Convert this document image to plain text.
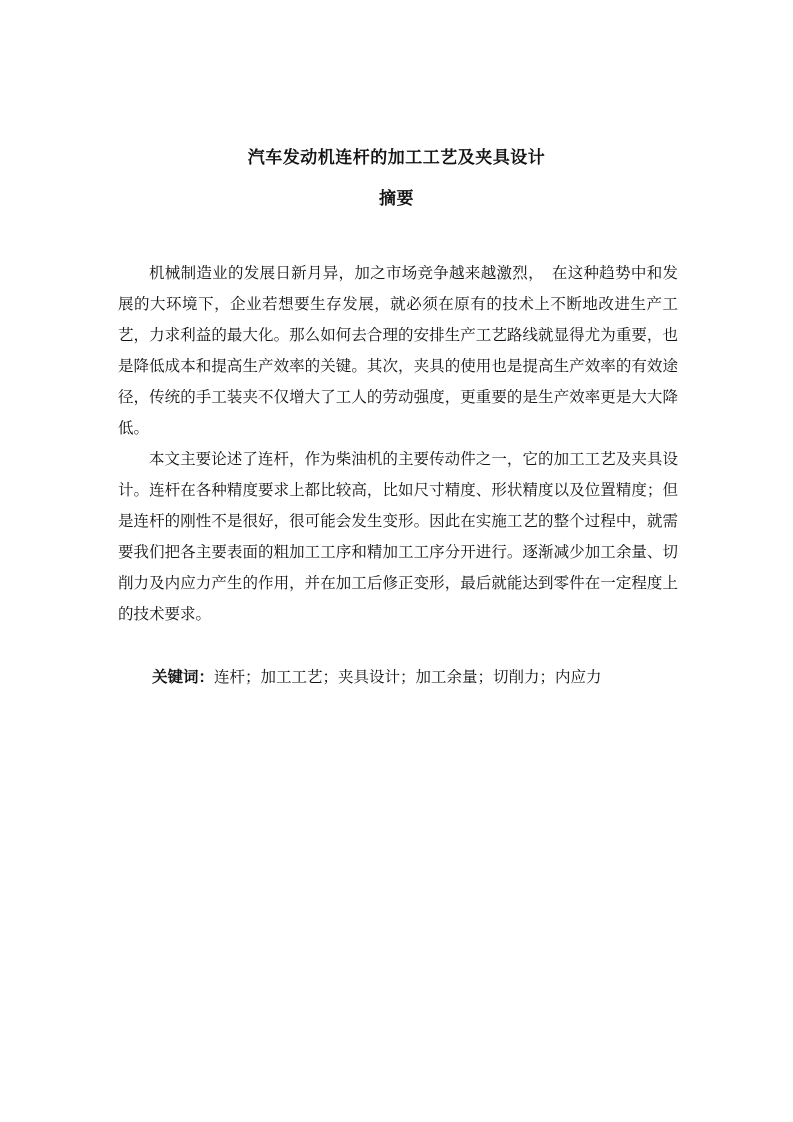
汽车发动机连杆的加工工艺及夹具设计
摘要

机械制造业的发展日新月异，加之市场竞争越来越激烈，　在这种趋势中和发展的大环境下，企业若想要生存发展，就必须在原有的技术上不断地改进生产工艺，力求利益的最大化。那么如何去合理的安排生产工艺路线就显得尤为重要，也是降低成本和提高生产效率的关键。其次，夹具的使用也是提高生产效率的有效途径，传统的手工装夹不仅增大了工人的劳动强度，更重要的是生产效率更是大大降低。

本文主要论述了连杆，作为柴油机的主要传动件之一，它的加工工艺及夹具设计。连杆在各种精度要求上都比较高，比如尺寸精度、形状精度以及位置精度；但是连杆的刚性不是很好，很可能会发生变形。因此在实施工艺的整个过程中，就需要我们把各主要表面的粗加工工序和精加工工序分开进行。逐渐减少加工余量、切削力及内应力产生的作用，并在加工后修正变形，最后就能达到零件在一定程度上的技术要求。

关键词：连杆；加工工艺；夹具设计；加工余量；切削力；内应力
